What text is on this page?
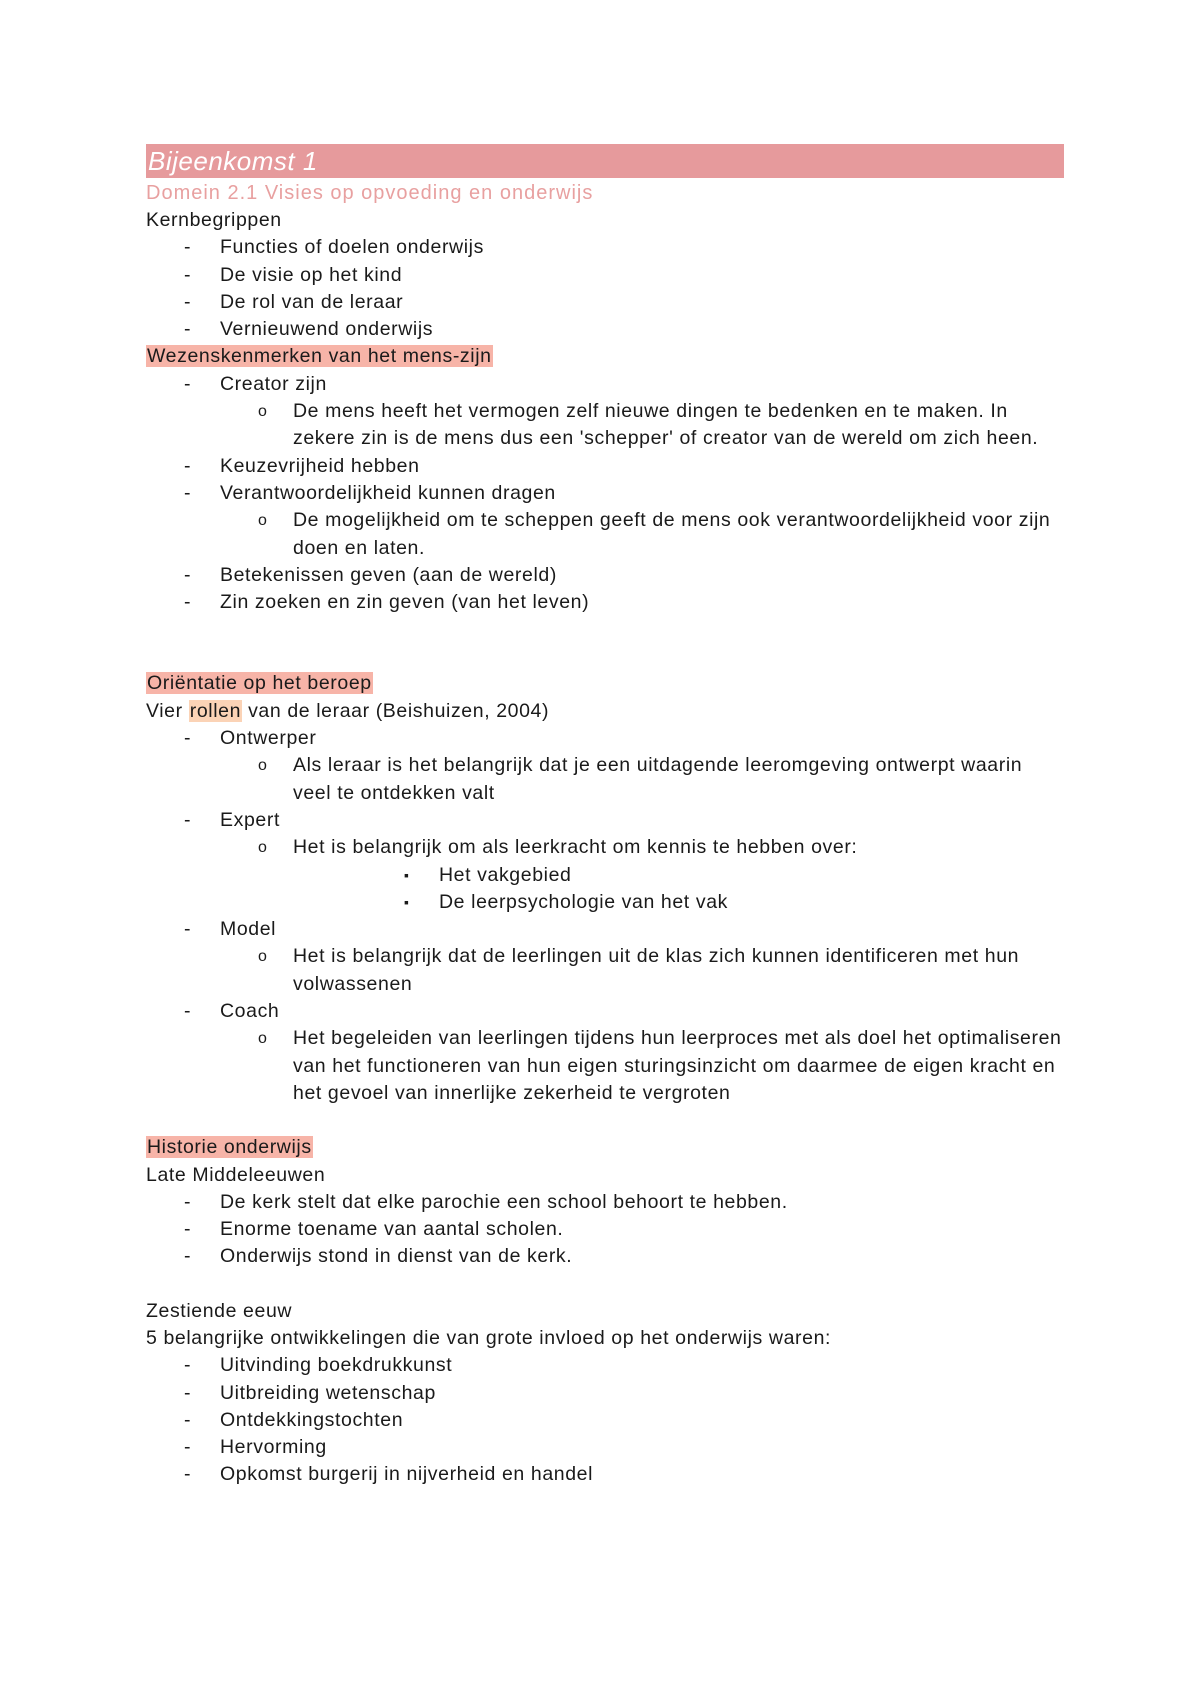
Bijeenkomst 1
Domein 2.1 Visies op opvoeding en onderwijs
Kernbegrippen
- Functies of doelen onderwijs
- De visie op het kind
- De rol van de leraar
- Vernieuwend onderwijs
Wezenskenmerken van het mens-zijn
- Creator zijn
o De mens heeft het vermogen zelf nieuwe dingen te bedenken en te maken. In zekere zin is de mens dus een 'schepper' of creator van de wereld om zich heen.
- Keuzevrijheid hebben
- Verantwoordelijkheid kunnen dragen
o De mogelijkheid om te scheppen geeft de mens ook verantwoordelijkheid voor zijn doen en laten.
- Betekenissen geven (aan de wereld)
- Zin zoeken en zin geven (van het leven)
Oriëntatie op het beroep
Vier rollen van de leraar (Beishuizen, 2004)
- Ontwerper
o Als leraar is het belangrijk dat je een uitdagende leeromgeving ontwerpt waarin veel te ontdekken valt
- Expert
o Het is belangrijk om als leerkracht om kennis te hebben over:
▪ Het vakgebied
▪ De leerpsychologie van het vak
- Model
o Het is belangrijk dat de leerlingen uit de klas zich kunnen identificeren met hun volwassenen
- Coach
o Het begeleiden van leerlingen tijdens hun leerproces met als doel het optimaliseren van het functioneren van hun eigen sturingsinzicht om daarmee de eigen kracht en het gevoel van innerlijke zekerheid te vergroten
Historie onderwijs
Late Middeleeuwen
- De kerk stelt dat elke parochie een school behoort te hebben.
- Enorme toename van aantal scholen.
- Onderwijs stond in dienst van de kerk.
Zestiende eeuw
5 belangrijke ontwikkelingen die van grote invloed op het onderwijs waren:
- Uitvinding boekdrukkunst
- Uitbreiding wetenschap
- Ontdekkingstochten
- Hervorming
- Opkomst burgerij in nijverheid en handel
